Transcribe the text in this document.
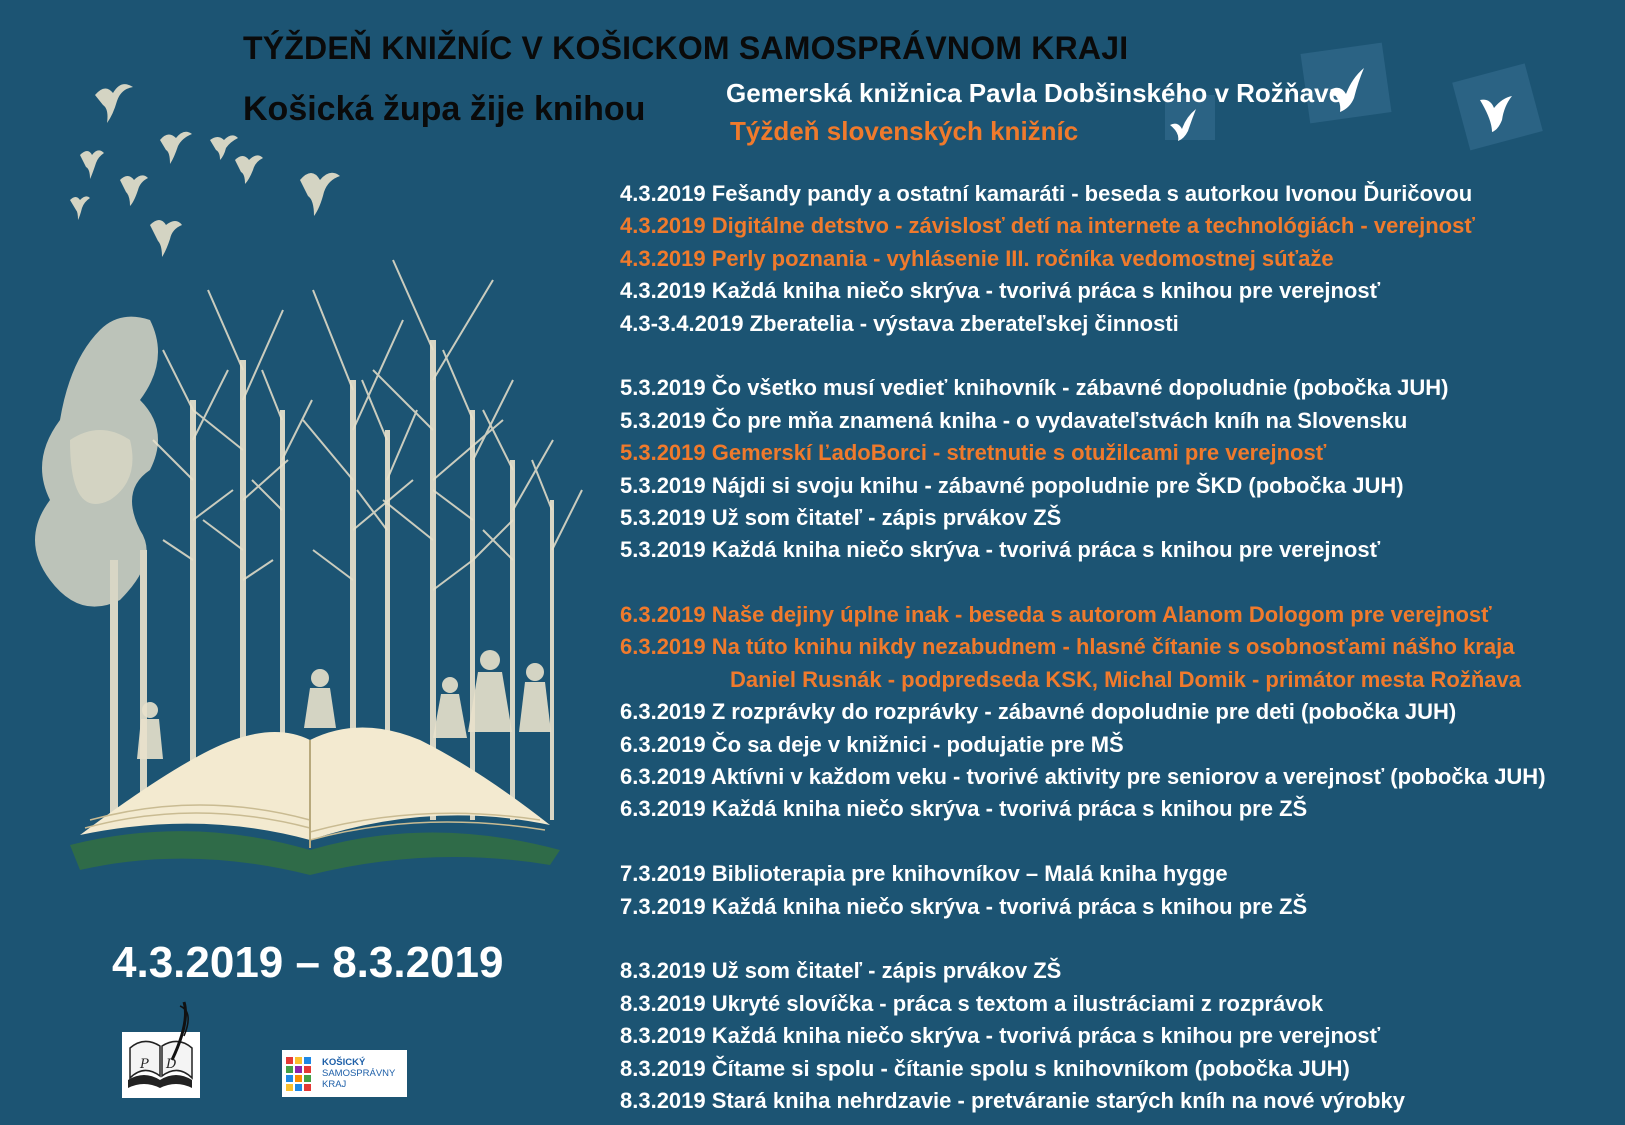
TÝŽDEŇ KNIŽNÍC V KOŠICKOM SAMOSPRÁVNOM KRAJI
Košická župa žije knihou	Gemerská knižnica Pavla Dobšinského v Rožňave
Týždeň slovenských knižníc
4.3.2019 Fešandy pandy a ostatní kamaráti - beseda s autorkou Ivonou Ďuričovou
4.3.2019 Digitálne detstvo - závislosť detí na internete a technológiách - verejnosť
4.3.2019 Perly poznania - vyhlásenie III. ročníka vedomostnej súťaže
4.3.2019 Každá kniha niečo skrýva - tvorivá práca s knihou pre verejnosť
4.3-3.4.2019 Zberatelia - výstava zberateľskej činnosti
5.3.2019 Čo všetko musí vedieť knihovník - zábavné dopoludnie (pobočka JUH)
5.3.2019 Čo pre mňa znamená kniha - o vydavateľstvách kníh na Slovensku
5.3.2019 Gemerskí ĽadoBorci - stretnutie s otužilcami pre verejnosť
5.3.2019 Nájdi si svoju knihu - zábavné popoludnie pre ŠKD (pobočka JUH)
5.3.2019 Už som čitateľ - zápis prvákov ZŠ
5.3.2019 Každá kniha niečo skrýva - tvorivá práca s knihou pre verejnosť
6.3.2019 Naše dejiny úplne inak - beseda s autorom Alanom Dologom pre verejnosť
6.3.2019 Na túto knihu nikdy nezabudnem - hlasné čítanie s osobnosťami nášho kraja
Daniel Rusnák - podpredseda KSK, Michal Domik - primátor mesta Rožňava
6.3.2019 Z rozprávky do rozprávky - zábavné dopoludnie pre deti (pobočka JUH)
6.3.2019 Čo sa deje v knižnici - podujatie pre MŠ
6.3.2019 Aktívni v každom veku - tvorivé aktivity pre seniorov a verejnosť (pobočka JUH)
6.3.2019 Každá kniha niečo skrýva - tvorivá práca s knihou pre ZŠ
7.3.2019 Biblioterapia pre knihovníkov – Malá kniha hygge
7.3.2019 Každá kniha niečo skrýva - tvorivá práca s knihou pre ZŠ
8.3.2019 Už som čitateľ - zápis prvákov ZŠ
8.3.2019 Ukryté slovíčka - práca s textom a ilustráciami z rozprávok
8.3.2019 Každá kniha niečo skrýva - tvorivá práca s knihou pre verejnosť
8.3.2019 Čítame si spolu - čítanie spolu s knihovníkom (pobočka JUH)
8.3.2019 Stará kniha nehrdzavie - pretváranie starých kníh na nové výrobky
4.3.2019 – 8.3.2019
P D	KOŠICKÝ
SAMOSPRÁVNY
KRAJ
